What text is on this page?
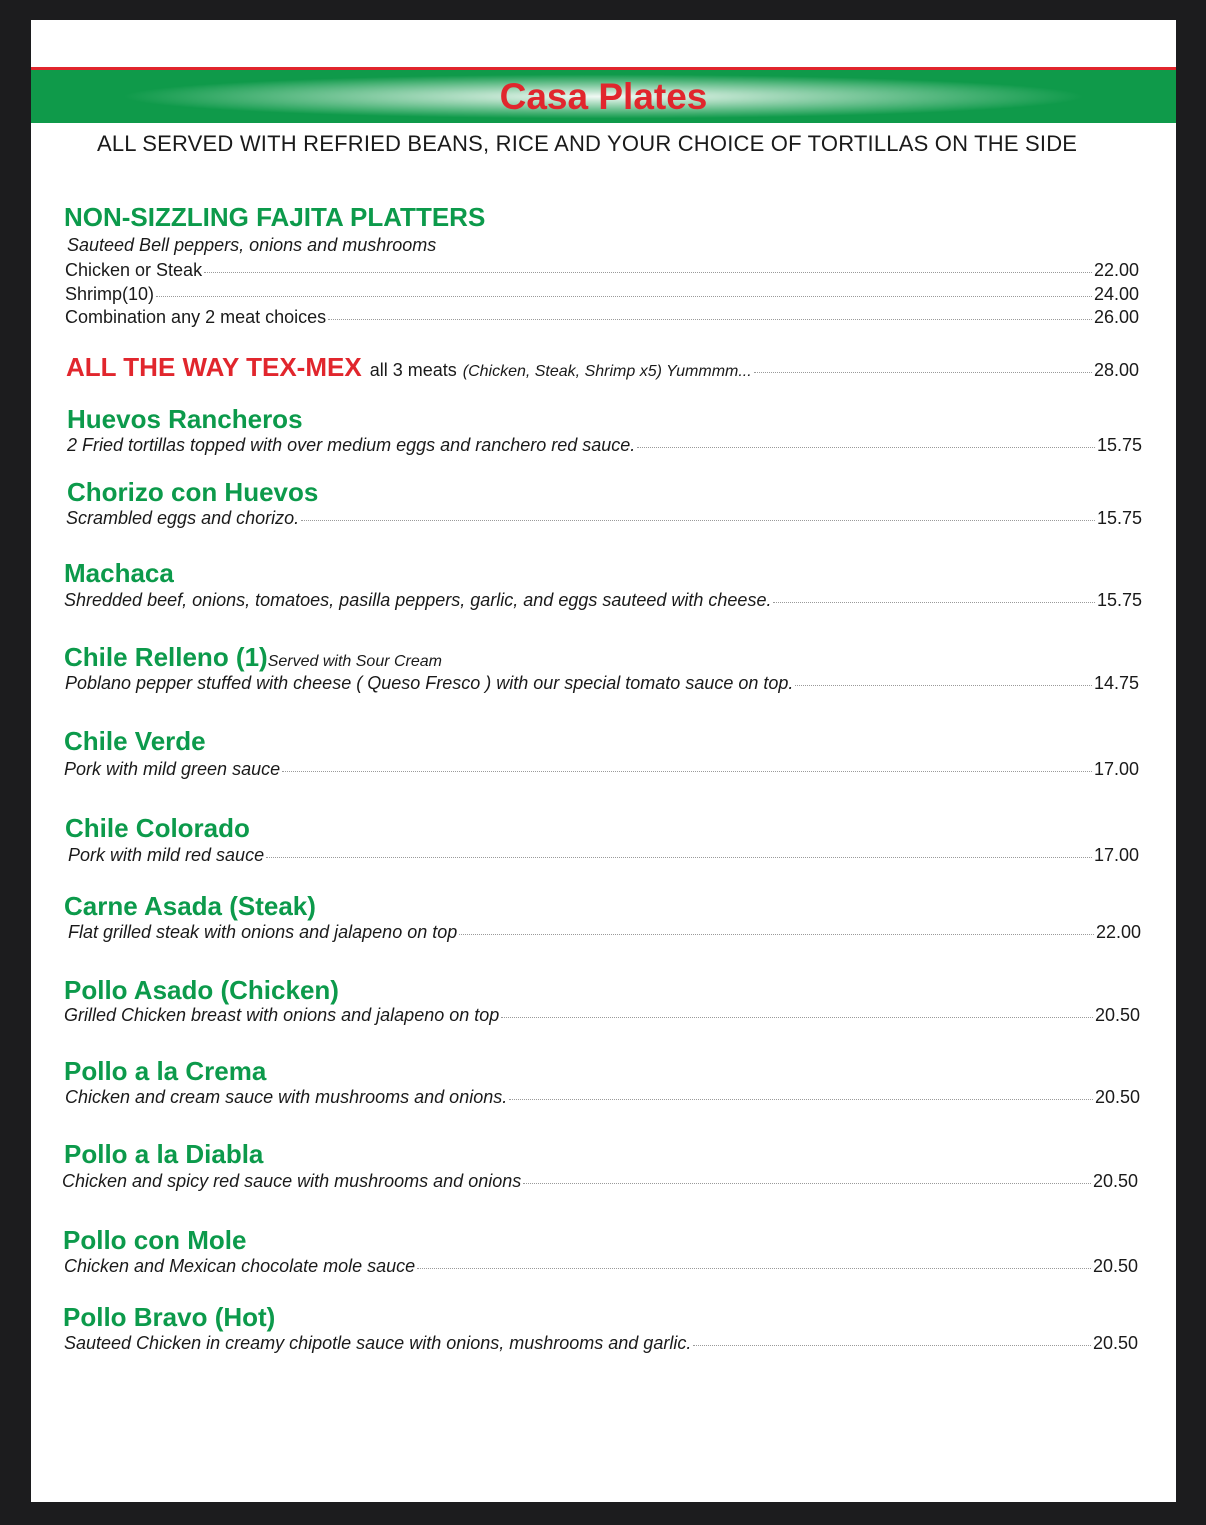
Casa Plates
ALL SERVED WITH REFRIED BEANS, RICE AND YOUR CHOICE OF TORTILLAS ON THE SIDE
NON-SIZZLING FAJITA PLATTERS
Sauteed Bell peppers, onions and mushrooms
Chicken or Steak	22.00
Shrimp(10)	24.00
Combination any 2 meat choices	26.00
ALL THE WAY TEX-MEX all 3 meats (Chicken, Steak, Shrimp x5) Yummmm...	28.00
Huevos Rancheros
2 Fried tortillas topped with over medium eggs and ranchero red sauce.	15.75
Chorizo con Huevos
Scrambled eggs and chorizo.	15.75
Machaca
Shredded beef, onions, tomatoes, pasilla peppers, garlic, and eggs sauteed with cheese.	15.75
Chile Relleno (1)Served with Sour Cream
Poblano pepper stuffed with cheese ( Queso Fresco ) with our special tomato sauce on top.	14.75
Chile Verde
Pork with mild green sauce	17.00
Chile Colorado
Pork with mild red sauce	17.00
Carne Asada (Steak)
Flat grilled steak with onions and jalapeno on top	22.00
Pollo Asado (Chicken)
Grilled Chicken breast with onions and jalapeno on top	20.50
Pollo a la Crema
Chicken and cream sauce with mushrooms and onions.	20.50
Pollo a la Diabla
Chicken and spicy red sauce with mushrooms and onions	20.50
Pollo con Mole
Chicken and Mexican chocolate mole sauce	20.50
Pollo Bravo (Hot)
Sauteed Chicken in creamy chipotle sauce with onions, mushrooms and garlic.	20.50
